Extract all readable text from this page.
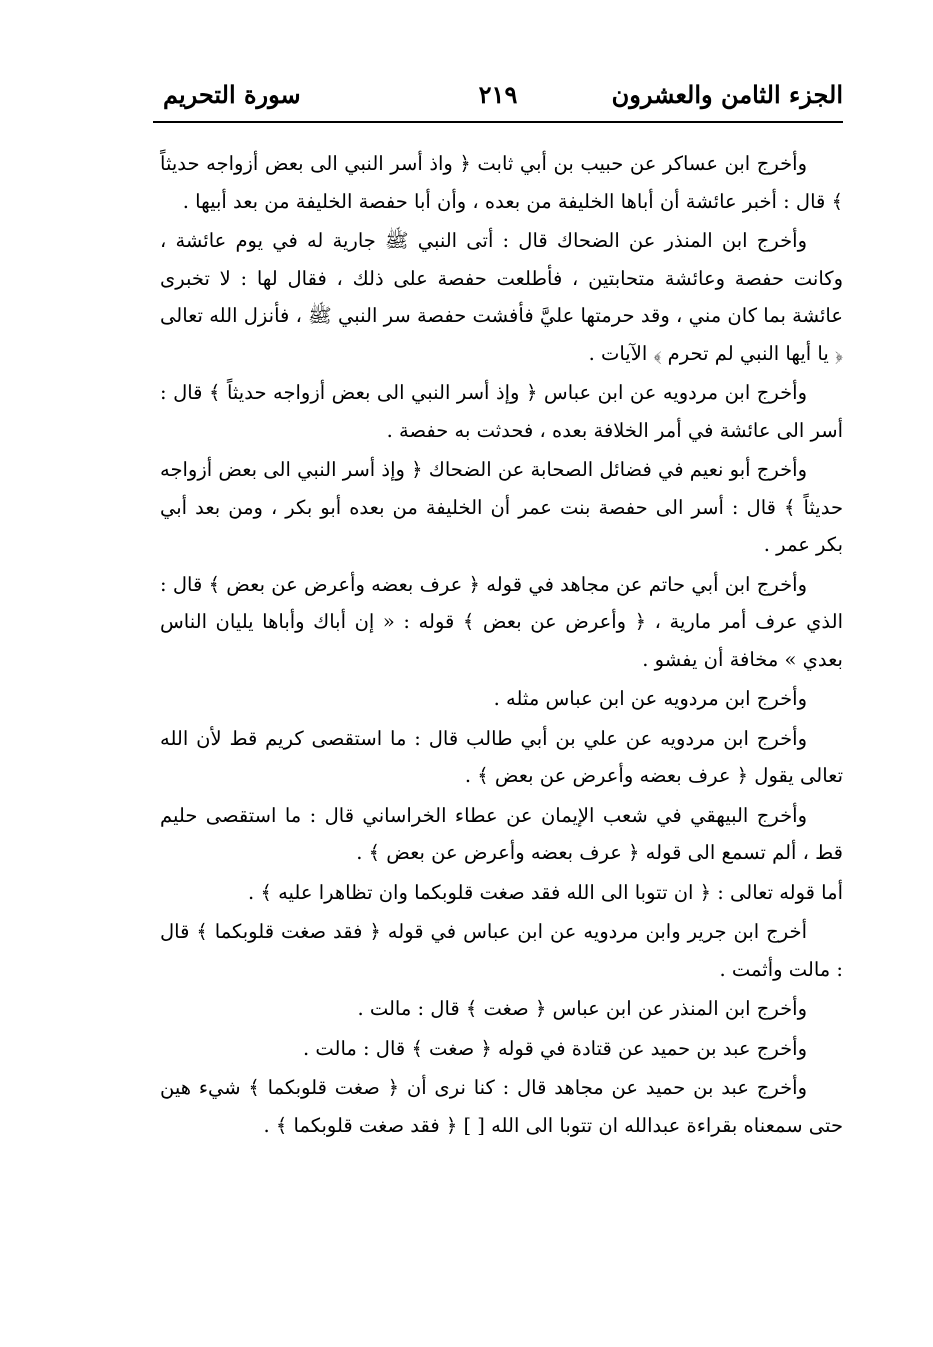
الجزء الثامن والعشرون
٢١٩
سورة التحريم

وأخرج ابن عساكر عن حبيب بن أبي ثابت ﴿ واذ أسر النبي الى بعض أزواجه حديثاً ﴾ قال : أخبر عائشة أن أباها الخليفة من بعده ، وأن أبا حفصة الخليفة من بعد أبيها .

وأخرج ابن المنذر عن الضحاك قال : أتى النبي ﷺ جارية له في يوم عائشة ، وكانت حفصة وعائشة متحابتين ، فأطلعت حفصة على ذلك ، فقال لها : لا تخبرى عائشة بما كان مني ، وقد حرمتها عليَّ فأفشت حفصة سر النبي ﷺ ، فأنزل الله تعالى ﴿ يا أيها النبي لم تحرم ﴾ الآيات .

وأخرج ابن مردويه عن ابن عباس ﴿ وإذ أسر النبي الى بعض أزواجه حديثاً ﴾ قال : أسر الى عائشة في أمر الخلافة بعده ، فحدثت به حفصة .

وأخرج أبو نعيم في فضائل الصحابة عن الضحاك ﴿ وإذ أسر النبي الى بعض أزواجه حديثاً ﴾ قال : أسر الى حفصة بنت عمر أن الخليفة من بعده أبو بكر ، ومن بعد أبي بكر عمر .

وأخرج ابن أبي حاتم عن مجاهد في قوله ﴿ عرف بعضه وأعرض عن بعض ﴾ قال : الذي عرف أمر مارية ، ﴿ وأعرض عن بعض ﴾ قوله : « إن أباك وأباها يليان الناس بعدي » مخافة أن يفشو .

وأخرج ابن مردويه عن ابن عباس مثله .

وأخرج ابن مردويه عن علي بن أبي طالب قال : ما استقصى كريم قط لأن الله تعالى يقول ﴿ عرف بعضه وأعرض عن بعض ﴾ .

وأخرج البيهقي في شعب الإيمان عن عطاء الخراساني قال : ما استقصى حليم قط ، ألم تسمع الى قوله ﴿ عرف بعضه وأعرض عن بعض ﴾ .

أما قوله تعالى : ﴿ ان تتوبا الى الله فقد صغت قلوبكما وان تظاهرا عليه ﴾ .

أخرج ابن جرير وابن مردويه عن ابن عباس في قوله ﴿ فقد صغت قلوبكما ﴾ قال : مالت وأثمت .

وأخرج ابن المنذر عن ابن عباس ﴿ صغت ﴾ قال : مالت .

وأخرج عبد بن حميد عن قتادة في قوله ﴿ صغت ﴾ قال : مالت .

وأخرج عبد بن حميد عن مجاهد قال : كنا نرى أن ﴿ صغت قلوبكما ﴾ شيء هين حتى سمعناه بقراءة عبدالله ان تتوبا الى الله [ ] ﴿ فقد صغت قلوبكما ﴾ .
